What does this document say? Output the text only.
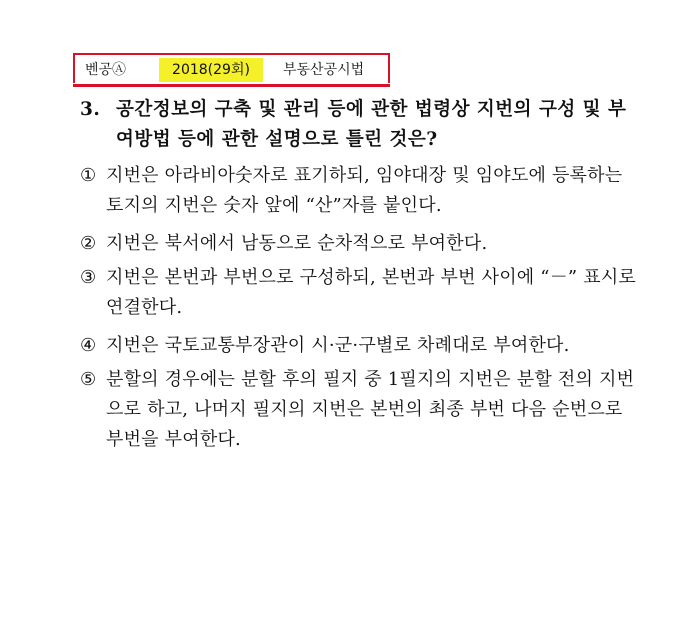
벤공Ⓐ	2018(29회)	부동산공시법
3. 공간정보의 구축 및 관리 등에 관한 법령상 지번의 구성 및 부여방법 등에 관한 설명으로 틀린 것은?
① 지번은 아라비아숫자로 표기하되, 임야대장 및 임야도에 등록하는 토지의 지번은 숫자 앞에 “산”자를 붙인다.
② 지번은 북서에서 남동으로 순차적으로 부여한다.
③ 지번은 본번과 부번으로 구성하되, 본번과 부번 사이에 “－” 표시로 연결한다.
④ 지번은 국토교통부장관이 시·군·구별로 차례대로 부여한다.
⑤ 분할의 경우에는 분할 후의 필지 중 1필지의 지번은 분할 전의 지번으로 하고, 나머지 필지의 지번은 본번의 최종 부번 다음 순번으로 부번을 부여한다.
